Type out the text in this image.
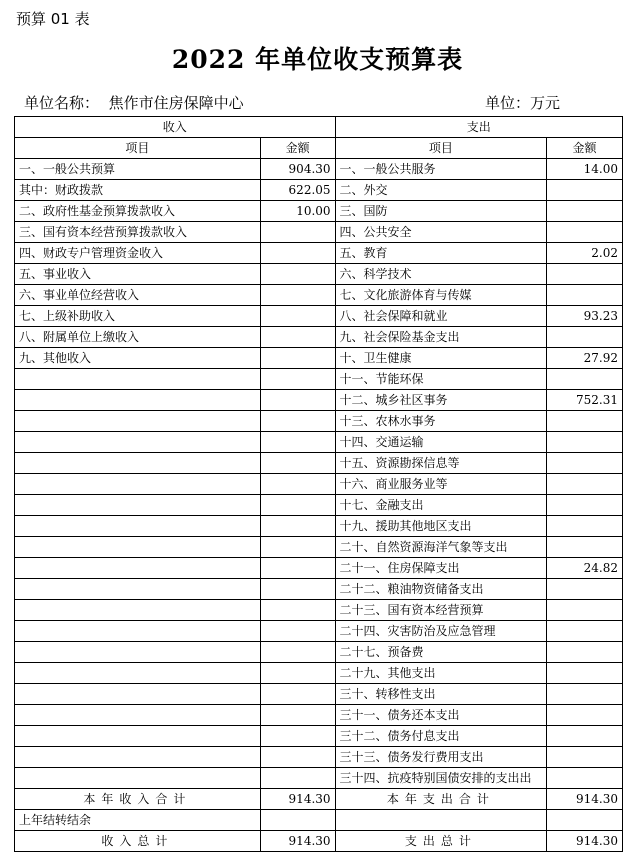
预算 01 表
2022 年单位收支预算表
单位名称： 焦作市住房保障中心	单位：万元
收入		支出	
项目	金额	项目	金额
一、一般公共预算	904.30	一、一般公共服务	14.00
其中：财政拨款	622.05	二、外交	
二、政府性基金预算拨款收入	10.00	三、国防	
三、国有资本经营预算拨款收入		四、公共安全	
四、财政专户管理资金收入		五、教育	2.02
五、事业收入		六、科学技术	
六、事业单位经营收入		七、文化旅游体育与传媒	
七、上级补助收入		八、社会保障和就业	93.23
八、附属单位上缴收入		九、社会保险基金支出	
九、其他收入		十、卫生健康	27.92
		十一、节能环保	
		十二、城乡社区事务	752.31
		十三、农林水事务	
		十四、交通运输	
		十五、资源勘探信息等	
		十六、商业服务业等	
		十七、金融支出	
		十九、援助其他地区支出	
		二十、自然资源海洋气象等支出	
		二十一、住房保障支出	24.82
		二十二、粮油物资储备支出	
		二十三、国有资本经营预算	
		二十四、灾害防治及应急管理	
		二十七、预备费	
		二十九、其他支出	
		三十、转移性支出	
		三十一、债务还本支出	
		三十二、债务付息支出	
		三十三、债务发行费用支出	
		三十四、抗疫特别国债安排的支出出	
本年收入合计	914.30	本年支出合计	914.30
上年结转结余			
收入总计	914.30	支出总计	914.30
